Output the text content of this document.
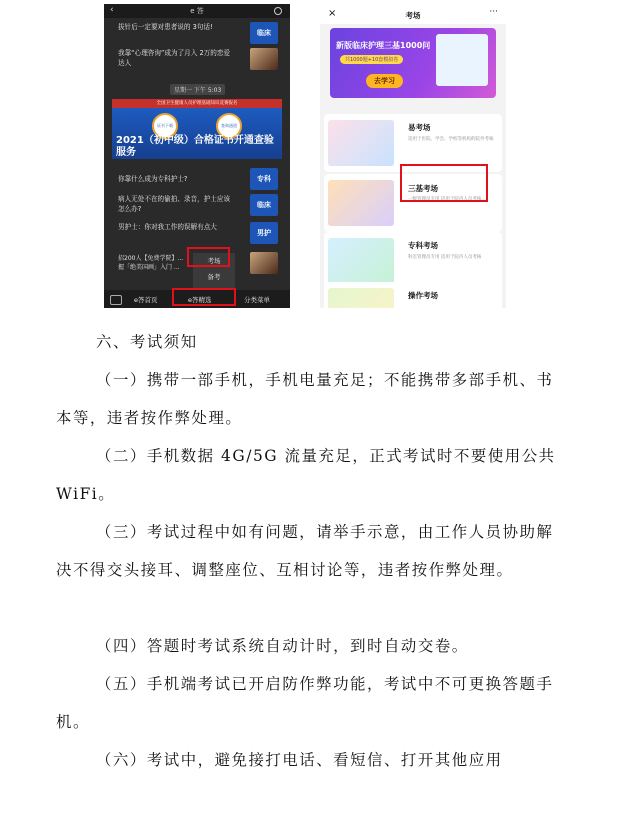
‹	e 答
拔针后一定要对患者说的 3句话!
临床
我靠“心理咨询”成为了月入 2万的恋爱达人
星期一 下午 5:03
全国卫生健康人员护理基础知识竞赛报名
证书下载	查询通道
2021（初中级）合格证书开通查验服务
你靠什么成为专科护士?	专科
病人无处不在的偷拍、录音，护士应该怎么办?	临床
男护士：你对我工作的误解有点大
男护
招200人【免费学院】... 握「绝美国画」入门 ...
考场
备考
e答首页	e答精选	分类菜单
×	考场	···
新版临床护理三基1000问
共1000题+10套模拟卷
去学习
易考场
适用于医院、学会、学校等机构的院外考核
三基考场
一级管理员专用 适用于院内人员考核
专科考场
科室管理员专用 适用于院内人员考核
操作考场

六、考试须知

（一）携带一部手机，手机电量充足；不能携带多部手机、书本等，违者按作弊处理。

（二）手机数据 4G/5G 流量充足，正式考试时不要使用公共 WiFi。

（三）考试过程中如有问题，请举手示意，由工作人员协助解决不得交头接耳、调整座位、互相讨论等，违者按作弊处理。

（四）答题时考试系统自动计时，到时自动交卷。

（五）手机端考试已开启防作弊功能，考试中不可更换答题手机。

（六）考试中，避免接打电话、看短信、打开其他应用
